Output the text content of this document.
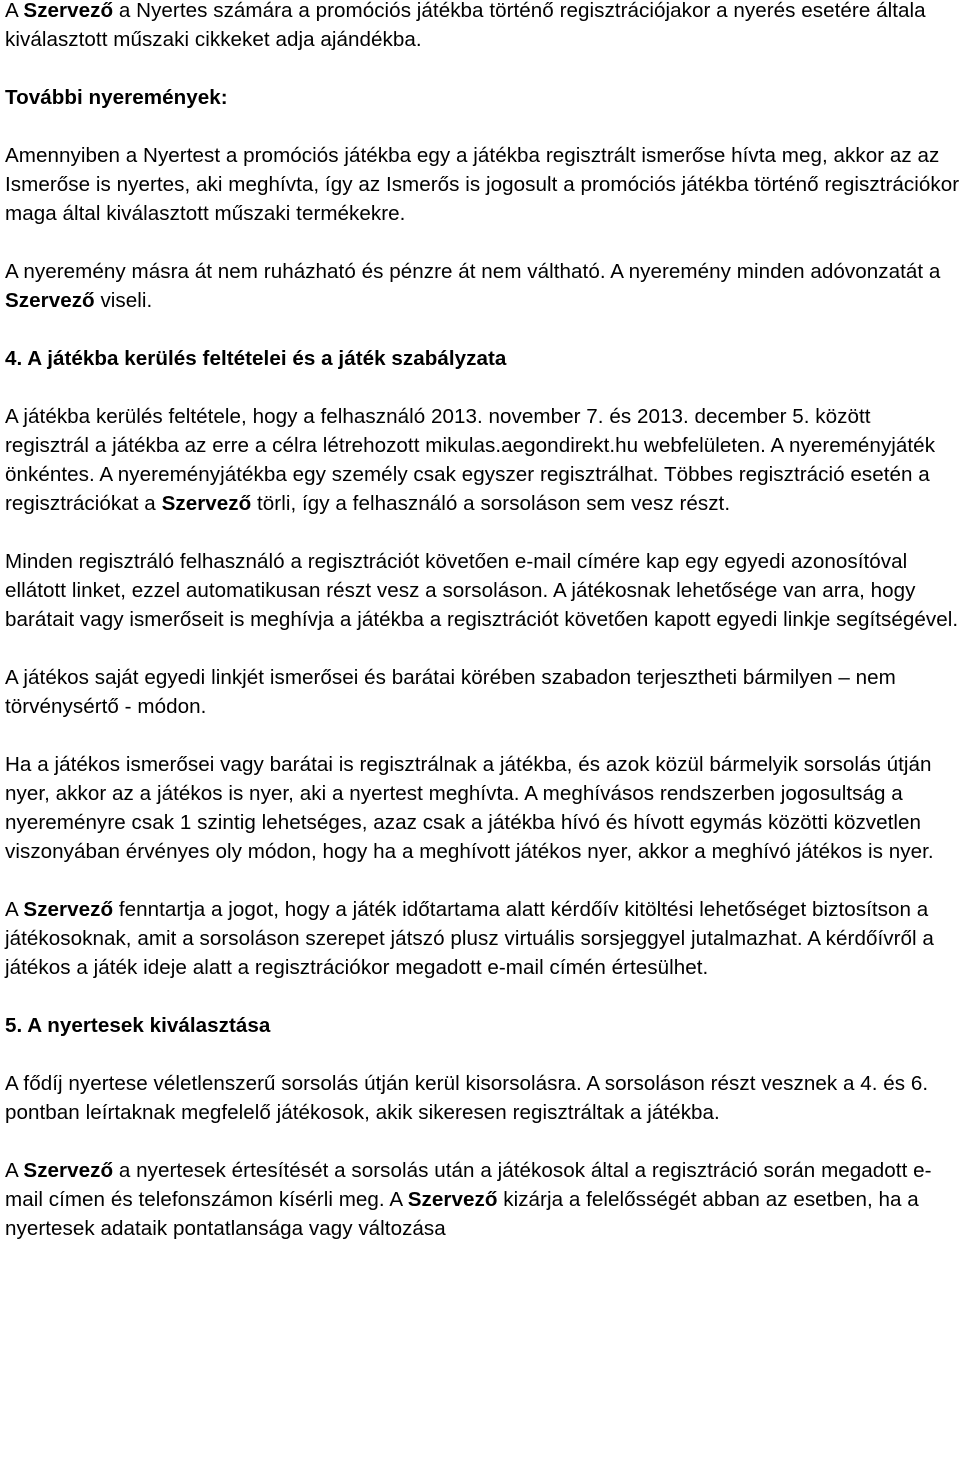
A Szervező a Nyertes számára a promóciós játékba történő regisztrációjakor a nyerés esetére általa kiválasztott műszaki cikkeket adja ajándékba.

További nyeremények:

Amennyiben a Nyertest a promóciós játékba egy a játékba regisztrált ismerőse hívta meg, akkor az az Ismerőse is nyertes, aki meghívta, így az Ismerős is jogosult a promóciós játékba történő regisztrációkor maga által kiválasztott műszaki termékekre.

A nyeremény másra át nem ruházható és pénzre át nem váltható. A nyeremény minden adóvonzatát a Szervező viseli.

4. A játékba kerülés feltételei és a játék szabályzata

A játékba kerülés feltétele, hogy a felhasználó 2013. november 7. és 2013. december 5. között regisztrál a játékba az erre a célra létrehozott mikulas.aegondirekt.hu webfelületen. A nyereményjáték önkéntes. A nyereményjátékba egy személy csak egyszer regisztrálhat. Többes regisztráció esetén a regisztrációkat a Szervező törli, így a felhasználó a sorsoláson sem vesz részt.

Minden regisztráló felhasználó a regisztrációt követően e-mail címére kap egy egyedi azonosítóval ellátott linket, ezzel automatikusan részt vesz a sorsoláson. A játékosnak lehetősége van arra, hogy barátait vagy ismerőseit is meghívja a játékba a regisztrációt követően kapott egyedi linkje segítségével.

A játékos saját egyedi linkjét ismerősei és barátai körében szabadon terjesztheti bármilyen – nem törvénysértő - módon.

Ha a játékos ismerősei vagy barátai is regisztrálnak a játékba, és azok közül bármelyik sorsolás útján nyer, akkor az a játékos is nyer, aki a nyertest meghívta. A meghívásos rendszerben jogosultság a nyereményre csak 1 szintig lehetséges, azaz csak a játékba hívó és hívott egymás közötti közvetlen viszonyában érvényes oly módon, hogy ha a meghívott játékos nyer, akkor a meghívó játékos is nyer.

A Szervező fenntartja a jogot, hogy a játék időtartama alatt kérdőív kitöltési lehetőséget biztosítson a játékosoknak, amit a sorsoláson szerepet játszó plusz virtuális sorsjeggyel jutalmazhat. A kérdőívről a játékos a játék ideje alatt a regisztrációkor megadott e-mail címén értesülhet.

5. A nyertesek kiválasztása

A fődíj nyertese véletlenszerű sorsolás útján kerül kisorsolásra. A sorsoláson részt vesznek a 4. és 6. pontban leírtaknak megfelelő játékosok, akik sikeresen regisztráltak a játékba.

A Szervező a nyertesek értesítését a sorsolás után a játékosok által a regisztráció során megadott e-mail címen és telefonszámon kísérli meg. A Szervező kizárja a felelősségét abban az esetben, ha a nyertesek adataik pontatlansága vagy változása
